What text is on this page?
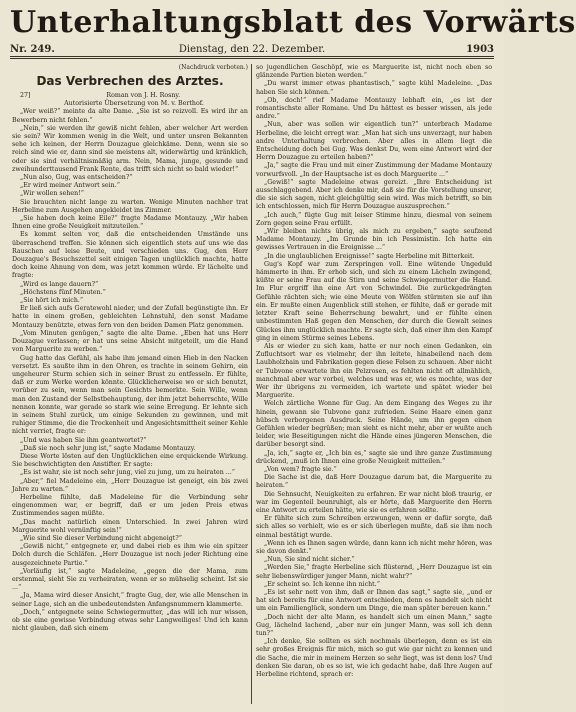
Unterhaltungsblatt des Vorwärts
Nr. 249.	Dienstag, den 22. Dezember.	1903

(Nachdruck verboten.)

Das Verbrechen des Arztes.

27]	Roman von J. H. Rosny.

Autorisierte Übersetzung von M. v. Berthof.

„Wer weiß?“ meinte da alte Dame. „Sie ist so reizvoll. Es wird ihr an Bewerbern nicht fehlen.“

„Nein,“ sie werden ihr gewiß nicht fehlen, aber welcher Art werden sie sein? Wir kommen wenig in die Welt, und unter unsren Bekannten sehe ich keinen, der Herrn Douzague gleichkäme. Denn, wenn sie so reich sind wie er, dann sind sie meistens alt, widerwärtig und kränklich, oder sie sind verhältnismäßig arm. Nein, Mama, junge, gesunde und zweihunderttausend Frank Rente, das trifft sich nicht so bald wieder!“

„Nun also, Gug, was entscheiden?“

„Er wird meiner Antwort sein.“

„Wir wollen sehen!“

Sie brauchten nicht lange zu warten. Wenige Minuten nachher trat Herbeline zum Ausgehen angekleidet ins Zimmer.

„Sie haben doch keine Eile?“ fragte Madame Montauzy. „Wir haben Ihnen eine große Neuigkeit mitzuteilen.“

Es kommt selten vor, daß die entscheidenden Umstände uns überraschend treffen. Sie können sich eigentlich stets auf uns wie das Rauschen auf leise Beute, und verschieden uns. Gug, den Herr Douzague's Besuchszettel seit einigen Tagen unglücklich machte, hatte doch keine Ahnung von dem, was jetzt kommen würde. Er lächelte und fragte:

„Wird es lange dauern?“

„Höchstens fünf Minuten.“

„Sie hört ich mich.“

Er ließ sich aufs Geratewohl nieder, und der Zufall begünstigte ihn. Er hatte in einem großen, gebleichten Lehnstuhl, den sonst Madame Montauzy benützte, etwas fern von den beiden Damen Platz genommen.

„Vom Minuten genügen,“ sagte die alte Dame. „Eben hat uns Herr Douzague verlassen; er hat uns seine Absicht mitgeteilt, um die Hand von Marguerite zu werben.“

Gug hatte das Gefühl, als habe ihm jemand einen Hieb in den Nacken versetzt. Es saußte ihm in den Ohren, es trachte in seinem Gehirn, ein ungeheurer Sturm schien sich in seiner Brust zu entfesseln. Er fühlte, daß er zum Werke werden könnte. Glücklicherweise wo er sich benutzt, vorüber zu sein, wenn man sein Gesichts bemerkte. Sein Wille, wenn man den Zustand der Selbstbehauptung, der ihm jetzt beherrschte, Wille nennen konnte, war gerade so stark wie seine Erregung. Er lehnte sich in seinem Stuhl zurück, um einige Sekunden zu gewinnen, und mit ruhiger Stimme, die die Trockenheit und Angesichtsmittheit seiner Kehle nicht verriet, fragte er:

„Und was haben Sie ihm geantwortet?“

„Daß sie noch sehr jung ist,“ sagte Madame Montauzy.

Diese Worte lösten auf den Unglücklichen eine erquickende Wirkung. Sie beschwichtigten den Anstifter. Er sagte:

„Es ist wahr, sie ist noch sehr jung, viel zu jung, um zu heiraten ...“

„Aber,“ fiel Madeleine ein, „Herr Douzague ist geneigt, ein bis zwei Jahre zu warten.“

Herbeline fühlte, daß Madeleine für die Verbindung sehr eingenommen war, er begriff, daß er um jeden Preis etwas Zustimmendes sagen müßte.

„Das macht natürlich einen Unterschied. In zwei Jahren wird Marguerite wohl vernünftig sein!“

„Wie sind Sie dieser Verbindung nicht abgeneigt?“

„Gewiß nicht,“ entgegnete er, und dabei rieb es ihm wie ein spitzer Dolch durch die Schläfen. „Herr Douzague ist noch jeder Richtung eine ausgezeichnete Partie.“

„Vorläufig ist,“ sagte Madeleine, „gegen die der Mama, zum erstenmal, sieht Sie zu verheiraten, wenn er so mühselig scheint. Ist sie ...“

„Ja, Mama wird dieser Ansicht,“ fragte Gug, der, wie alle Menschen in seiner Lage, sich an die unbedeutendsten Anfangsnummern klammerte.

„Doch,“ entgegnete seine Schwiegermutter, „das will ich nur wissen, ob sie eine gewisse Verbindung etwas sehr Langweiliges! Und ich kann nicht glauben, daß sich einem

so jugendlichen Geschöpf, wie es Marguerite ist, nicht noch eben so glänzende Partien bieten werden.“

„Du warst immer etwas phantastisch,“ sagte kühl Madeleine. „Das haben Sie sich können.“

„Ob, doch!“ rief Madame Montauzy lebhaft ein, „es ist der romantischste aller Romane. Und Du hättest es besser wissen, als jede andre.“

„Nun, aber was sollen wir eigentlich tun?“ unterbrach Madame Herbeline, die leicht erregt war. „Man hat sich uns unverzagt, nur haben andre Unterhaltung verbrochen. Aber alles in allem liegt die Entscheidung doch bei Gug. Was denkst Du, wem eine Antwort wird der Herrn Douzague zu erteilen haben?“

„Ja,“ sagte die Frau und mit einer Zustimmung der Madame Montauzy vorwurfsvoll. „In der Hauptsache ist es doch Marguerite ...“

„Gewiß!“ sagte Madeleine etwas gereizt. „Ihre Entscheidung ist ausschlaggebend. Aber ich denke mir, daß sie für die Vorstellung unsrer, die sie sich sagen, nicht gleichgültig sein wird. Was mich betrifft, so bin ich entschlossen, mich für Herrn Douzague auszusprechen.“

„Ich auch,“ fügte Gug mit leiser Stimme hinzu, diesmal von seinem Zorn gegen seine Frau erfüllt.

„Wir bleiben nichts übrig, als mich zu ergeben,“ sagte seufzend Madame Montauzy. „Im Grunde bin ich Pessimistin. Ich hatte ein gewisses Vertrauen in die Ereignisse ...“

„In die unglaublichen Ereignisse!“ sagte Herbeline mit Bitterkeit.

Gug's Kopf war zum Zerspringen voll. Eine wütende Ungeduld hämmerte in ihm. Er erhob sich, und sich zu einem Lächeln zwingend, küßte er seine Frau auf die Stirn und seine Schwiegermutter die Hand. Im Flur ergriff ihn eine Art von Schwindel. Die zurückgedrängten Gefühle rächten sich; wie eine Meute von Wölfen stürmten sie auf ihn ein. Er mußte einen Augenblick still stehen, er fühlte, daß er gerade mit letzter Kraft seine Beherrschung bewahrt, und er fühlte einen unbestimmten Haß gegen den Menschen, der durch die Gewalt seines Glückes ihm unglücklich machte. Er sagte sich, daß einer ihm den Kampf ging in einem Stürme seines Lebens.

Als er wieder zu sich kam, hatte er nur noch einen Gedanken, ein Zufluchtsort war es vielmehr, der ihn leitete, hinabeilend nach dem Laubholzhain und Fabrikation gegen diese Felsen zu schauen. Aber nicht er Tubvone erwartete ihn ein Pelzrosen, es fehlten nicht oft allmählich, manchmal aber war vorbei, welches und was er, wie es mochte, was der Wer ihr übrigens zu vermeiden, ich wartete und spätet wieder bei Marguerite.

Welch zärtliche Wonne für Gug. An dem Eingang des Weges zu ihr hinein, gewann sie Tubvone ganz zufrieden. Seine Haare einen ganz hübsch verborgenen Ausdruck. Seine Hände, um ihn gegen einen Gefühlen wieder begrüßen; man sieht es nicht mehr, aber er wußte auch leider, wie Beseitigungen nicht die Hände eines jüngeren Menschen, die darüber besorgt sind.

„Ja, ich,“ sagte er, „Ich bin es,“ sagte sie und ihre ganze Zustimmung drückend, „muß ich Ihnen eine große Neuigkeit mitteilen.“

„Von wem? fragte sie.“

Die Sache ist die, daß Herr Douzague darum bat, die Marguerite zu heiraten.“

Die Sehnsucht, Neuigkeiten zu erfahren. Er war nicht bloß traurig, er war im Gegenteil beunruhigt, als er hörte, daß Marguerite den Herrn eine Antwort zu erteilen hätte, wie sie es erfahren sollte.

Er fühlte sich zum Schreiben erzwungen, wenn er dafür sorgte, daß sich alles so verhielt, wie es er sich überlegen mußte, daß sie ihm noch einmal bestätigt wurde.

„Wenn ich es Ihnen sagen würde, dann kann ich nicht mehr hören, was sie davon denkt.“

„Nun, Sie sind nicht sicher.“

„Werden Sie,“ fragte Herbeline sich flüsternd, „Herr Douzague ist ein sehr liebenswürdiger junger Mann, nicht wahr?“

„Er scheint so. Ich kenne ihn nicht.“

„Es ist sehr nett von ihm, daß er Ihnen das sagt,“ sagte sie, „und er hat sich bereits für eine Antwort entschieden, denn es handelt sich nicht um ein Familienglück, sondern um Dinge, die man später bereuen kann.“

„Doch nicht der alte Mann, es handelt sich um einen Mann,“ sagte Gug, lächelnd lachend, „aber nur ein junger Mann, was soll ich denn tun?“

„Ich denke, Sie sollten es sich nochmals überlegen, denn es ist ein sehr großes Ereignis für mich, mich so gut wie gar nicht zu kennen und die Sache, die mir in meinem Herzen so sehr liegt, was ist denn los? Und denken Sie daran, ob es so ist, wie ich gedacht habe, daß Ihre Augen auf Herbeline richtend, sprach er:
